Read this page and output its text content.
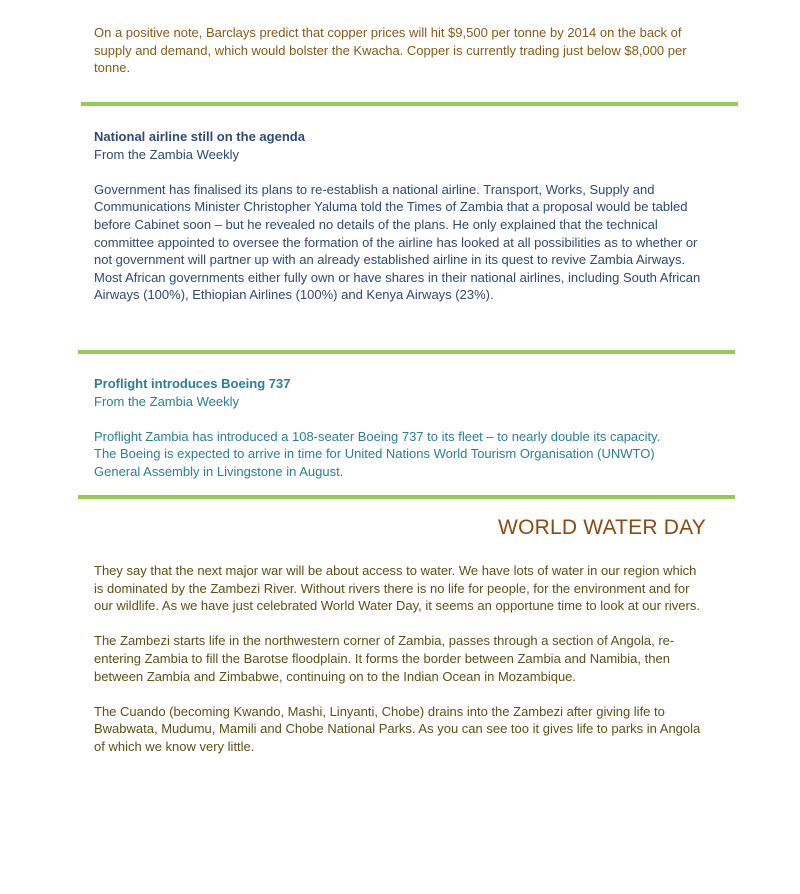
On a positive note, Barclays predict that copper prices will hit $9,500 per tonne by 2014 on the back of supply and demand, which would bolster the Kwacha. Copper is currently trading just below $8,000 per tonne.

National airline still on the agenda

From the Zambia Weekly

Government has finalised its plans to re-establish a national airline. Transport, Works, Supply and Communications Minister Christopher Yaluma told the Times of Zambia that a proposal would be tabled before Cabinet soon – but he revealed no details of the plans. He only explained that the technical committee appointed to oversee the formation of the airline has looked at all possibilities as to whether or not government will partner up with an already established airline in its quest to revive Zambia Airways.

Most African governments either fully own or have shares in their national airlines, including South African Airways (100%), Ethiopian Airlines (100%) and Kenya Airways (23%).

Proflight introduces Boeing 737

From the Zambia Weekly

Proflight Zambia has introduced a 108-seater Boeing 737 to its fleet – to nearly double its capacity. The Boeing is expected to arrive in time for United Nations World Tourism Organisation (UNWTO) General Assembly in Livingstone in August.

WORLD WATER DAY

They say that the next major war will be about access to water. We have lots of water in our region which is dominated by the Zambezi River. Without rivers there is no life for people, for the environment and for our wildlife. As we have just celebrated World Water Day, it seems an opportune time to look at our rivers.

The Zambezi starts life in the northwestern corner of Zambia, passes through a section of Angola, re-entering Zambia to fill the Barotse floodplain. It forms the border between Zambia and Namibia, then between Zambia and Zimbabwe, continuing on to the Indian Ocean in Mozambique.

The Cuando (becoming Kwando, Mashi, Linyanti, Chobe) drains into the Zambezi after giving life to Bwabwata, Mudumu, Mamili and Chobe National Parks. As you can see too it gives life to parks in Angola of which we know very little.
